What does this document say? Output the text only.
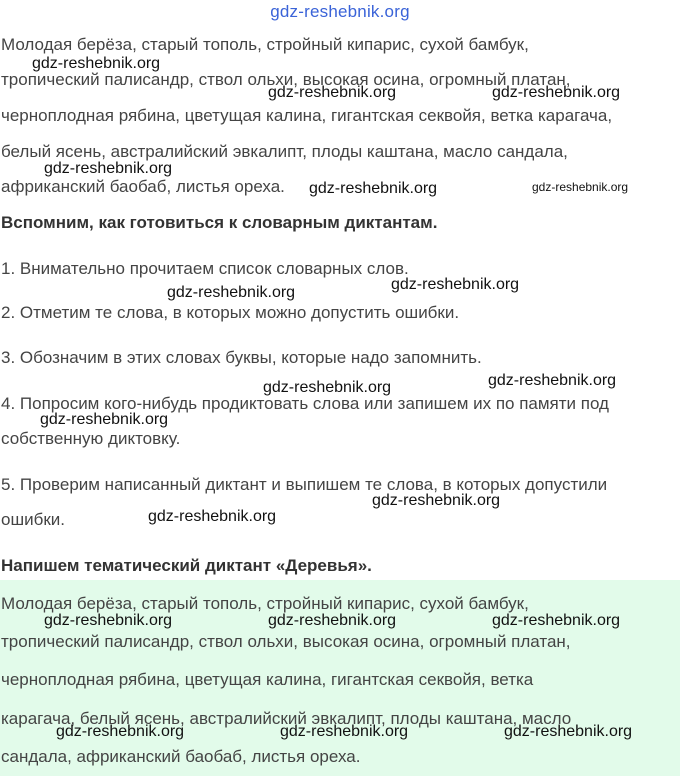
gdz-reshebnik.org
Молодая берёза, старый тополь, стройный кипарис, сухой бамбук,
тропический палисандр, ствол ольхи, высокая осина, огромный платан,
черноплодная рябина, цветущая калина, гигантская секвойя, ветка карагача,
белый ясень, австралийский эвкалипт, плоды каштана, масло сандала,
африканский баобаб, листья ореха.
Вспомним, как готовиться к словарным диктантам.
1. Внимательно прочитаем список словарных слов.
2. Отметим те слова, в которых можно допустить ошибки.
3. Обозначим в этих словах буквы, которые надо запомнить.
4. Попросим кого-нибудь продиктовать слова или запишем их по памяти под
собственную диктовку.
5. Проверим написанный диктант и выпишем те слова, в которых допустили
ошибки.
Напишем тематический диктант «Деревья».
Молодая берёза, старый тополь, стройный кипарис, сухой бамбук,
тропический палисандр, ствол ольхи, высокая осина, огромный платан,
черноплодная рябина, цветущая калина, гигантская секвойя, ветка
карагача, белый ясень, австралийский эвкалипт, плоды каштана, масло
сандала, африканский баобаб, листья ореха.
gdz-reshebnik.org
gdz-reshebnik.org	gdz-reshebnik.org
gdz-reshebnik.org
gdz-reshebnik.org	gdz-reshebnik.org
gdz-reshebnik.org	gdz-reshebnik.org
gdz-reshebnik.org	gdz-reshebnik.org
gdz-reshebnik.org
gdz-reshebnik.org
gdz-reshebnik.org
gdz-reshebnik.org	gdz-reshebnik.org	gdz-reshebnik.org
gdz-reshebnik.org	gdz-reshebnik.org	gdz-reshebnik.org
